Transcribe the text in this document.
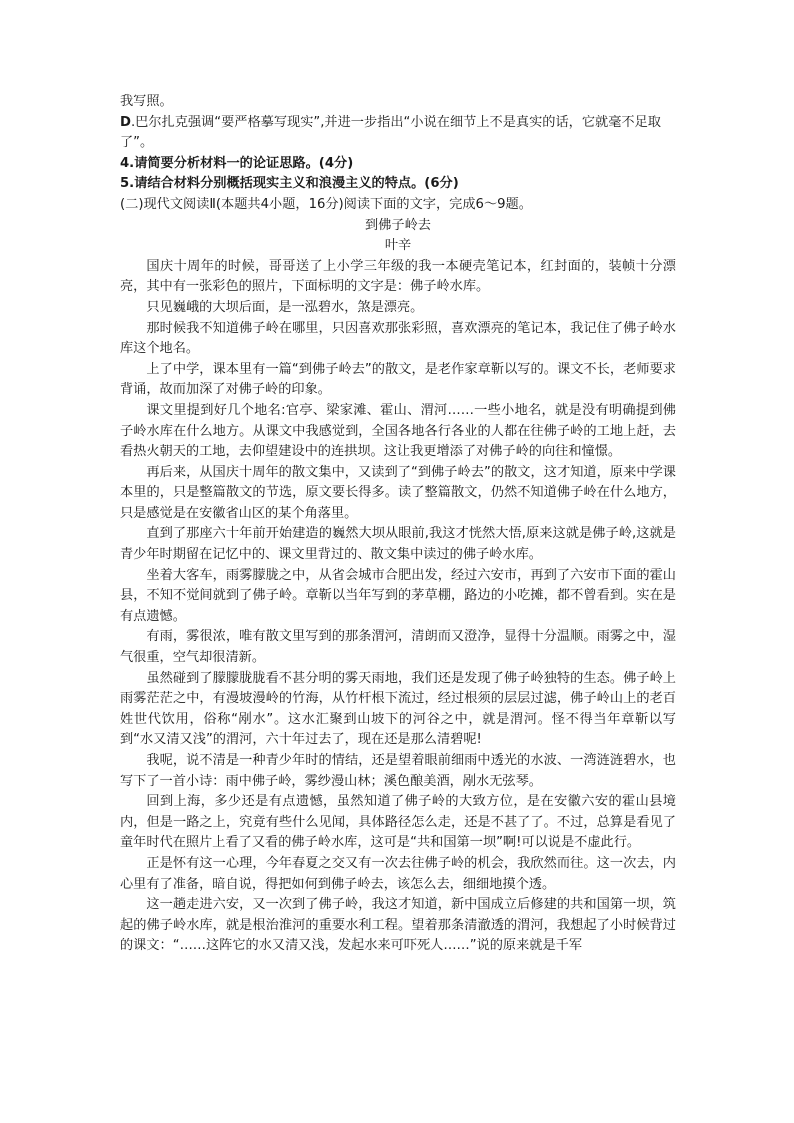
我写照。

D.巴尔扎克强调“要严格摹写现实”,并进一步指出“小说在细节上不是真实的话，它就毫不足取了”。

4.请简要分析材料一的论证思路。(4分)

5.请结合材料分别概括现实主义和浪漫主义的特点。(6分)

(二)现代文阅读Ⅱ(本题共4小题，16分)阅读下面的文字，完成6～9题。

到佛子岭去

叶辛

国庆十周年的时候，哥哥送了上小学三年级的我一本硬壳笔记本，红封面的，装帧十分漂亮，其中有一张彩色的照片，下面标明的文字是：佛子岭水库。

只见巍峨的大坝后面，是一泓碧水，煞是漂亮。

那时候我不知道佛子岭在哪里，只因喜欢那张彩照，喜欢漂亮的笔记本，我记住了佛子岭水库这个地名。

上了中学，课本里有一篇“到佛子岭去”的散文，是老作家章靳以写的。课文不长，老师要求背诵，故而加深了对佛子岭的印象。

课文里提到好几个地名:官亭、梁家滩、霍山、渭河……一些小地名，就是没有明确提到佛子岭水库在什么地方。从课文中我感觉到，全国各地各行各业的人都在往佛子岭的工地上赶，去看热火朝天的工地，去仰望建设中的连拱坝。这让我更增添了对佛子岭的向往和憧憬。

再后来，从国庆十周年的散文集中，又读到了“到佛子岭去”的散文，这才知道，原来中学课本里的，只是整篇散文的节选，原文要长得多。读了整篇散文，仍然不知道佛子岭在什么地方，只是感觉是在安徽省山区的某个角落里。

直到了那座六十年前开始建造的巍然大坝从眼前,我这才恍然大悟,原来这就是佛子岭,这就是青少年时期留在记忆中的、课文里背过的、散文集中读过的佛子岭水库。

坐着大客车，雨雾朦胧之中，从省会城市合肥出发，经过六安市，再到了六安市下面的霍山县，不知不觉间就到了佛子岭。章靳以当年写到的茅草棚，路边的小吃摊，都不曾看到。实在是有点遗憾。

有雨，雾很浓，唯有散文里写到的那条渭河，清朗而又澄净，显得十分温顺。雨雾之中，湿气很重，空气却很清新。

虽然碰到了朦朦胧胧看不甚分明的雾天雨地，我们还是发现了佛子岭独特的生态。佛子岭上雨雾茫茫之中，有漫坡漫岭的竹海，从竹杆根下流过，经过根须的层层过滤，佛子岭山上的老百姓世代饮用，俗称“剐水”。这水汇聚到山坡下的河谷之中，就是渭河。怪不得当年章靳以写到“水又清又浅”的渭河，六十年过去了，现在还是那么清碧呢!

我呢，说不清是一种青少年时的情结，还是望着眼前细雨中透光的水波、一湾涟涟碧水，也写下了一首小诗：雨中佛子岭，雾纱漫山林；溪色酿美酒，剐水无弦琴。

回到上海，多少还是有点遗憾，虽然知道了佛子岭的大致方位，是在安徽六安的霍山县境内，但是一路之上，究竟有些什么见闻，具体路径怎么走，还是不甚了了。不过，总算是看见了童年时代在照片上看了又看的佛子岭水库，这可是“共和国第一坝”啊!可以说是不虚此行。

正是怀有这一心理，今年春夏之交又有一次去往佛子岭的机会，我欣然而往。这一次去，内心里有了准备，暗自说，得把如何到佛子岭去，该怎么去，细细地摸个透。

这一趟走进六安，又一次到了佛子岭，我这才知道，新中国成立后修建的共和国第一坝，筑起的佛子岭水库，就是根治淮河的重要水利工程。望着那条清澈透的渭河，我想起了小时候背过的课文：“……这阵它的水又清又浅，发起水来可吓死人……”说的原来就是千军
